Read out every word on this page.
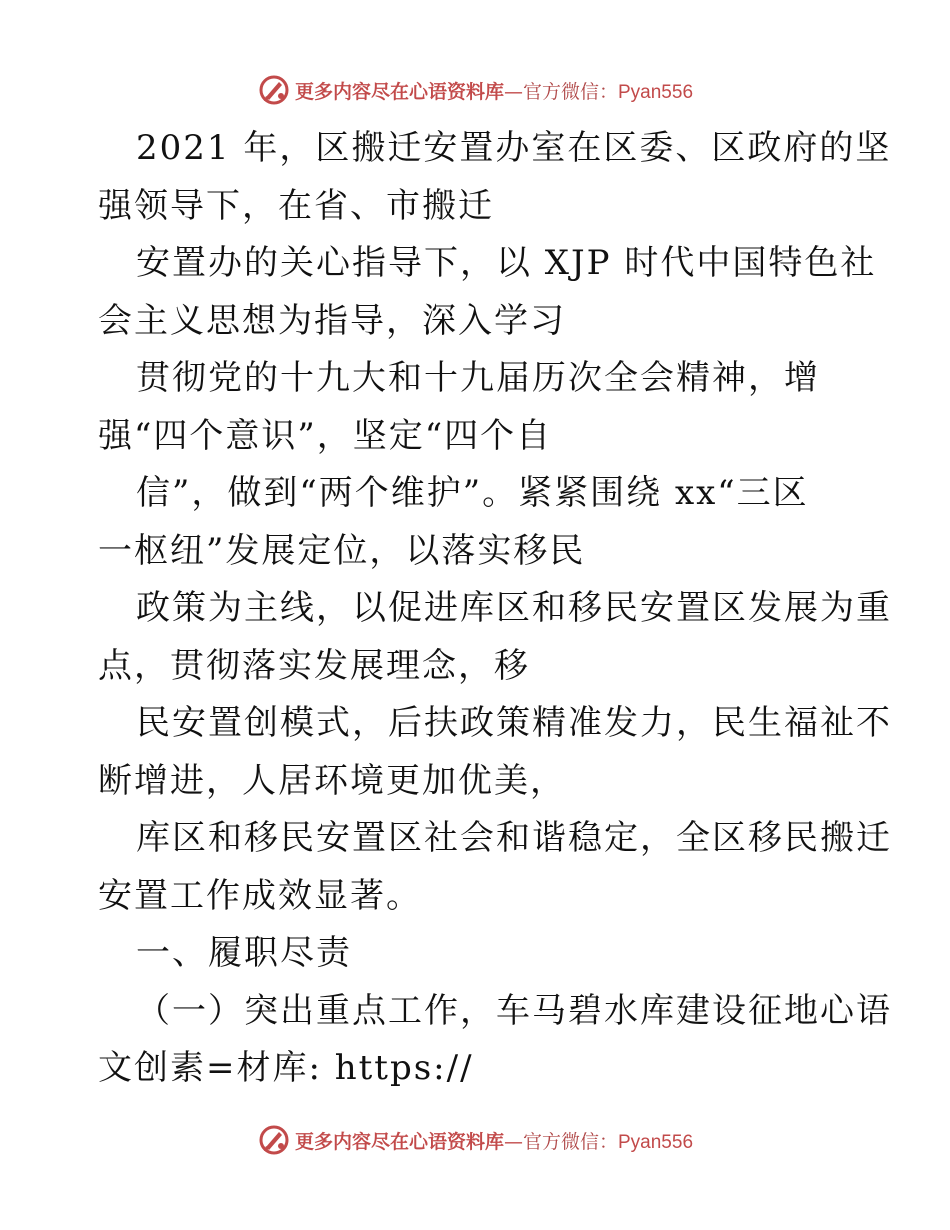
更多内容尽在心语资料库—官方微信：Pyan556
2021 年，区搬迁安置办室在区委、区政府的坚
强领导下，在省、市搬迁
安置办的关心指导下，以 XJP 时代中国特色社
会主义思想为指导，深入学习
贯彻党的十九大和十九届历次全会精神，增
强“四个意识”，坚定“四个自
信”，做到“两个维护”。紧紧围绕 xx“三区
一枢纽”发展定位，以落实移民
政策为主线，以促进库区和移民安置区发展为重
点，贯彻落实发展理念，移
民安置创模式，后扶政策精准发力，民生福祉不
断增进，人居环境更加优美，
库区和移民安置区社会和谐稳定，全区移民搬迁
安置工作成效显著。
一、履职尽责
（一）突出重点工作，车马碧水库建设征地心语
文创素=材库: https://
更多内容尽在心语资料库—官方微信：Pyan556
